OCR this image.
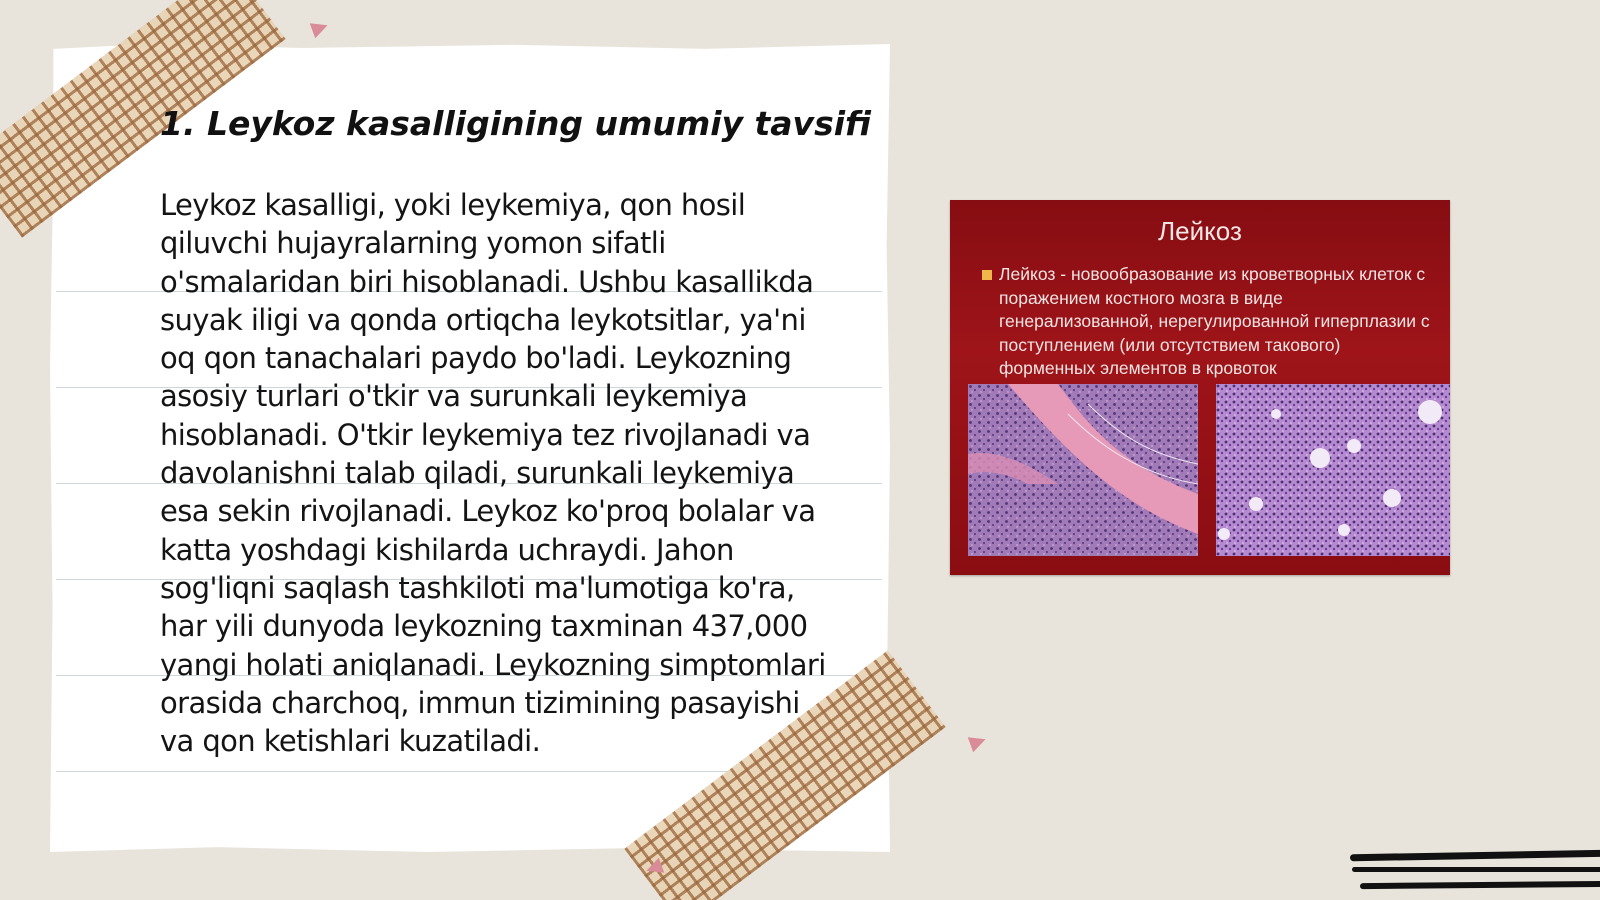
1. Leykoz kasalligining umumiy tavsifi

Leykoz kasalligi, yoki leykemiya, qon hosil qiluvchi hujayralarning yomon sifatli o'smalaridan biri hisoblanadi. Ushbu kasallikda suyak iligi va qonda ortiqcha leykotsitlar, ya'ni oq qon tanachalari paydo bo'ladi. Leykozning asosiy turlari o'tkir va surunkali leykemiya hisoblanadi. O'tkir leykemiya tez rivojlanadi va davolanishni talab qiladi, surunkali leykemiya esa sekin rivojlanadi. Leykoz ko'proq bolalar va katta yoshdagi kishilarda uchraydi. Jahon sog'liqni saqlash tashkiloti ma'lumotiga ko'ra, har yili dunyoda leykozning taxminan 437,000 yangi holati aniqlanadi. Leykozning simptomlari orasida charchoq, immun tizimining pasayishi va qon ketishlari kuzatiladi.

Лейкоз

Лейкоз - новообразование из кроветворных клеток с поражением костного мозга в виде генерализованной, нерегулированной гиперплазии с поступлением (или отсутствием такового) форменных элементов в кровоток
